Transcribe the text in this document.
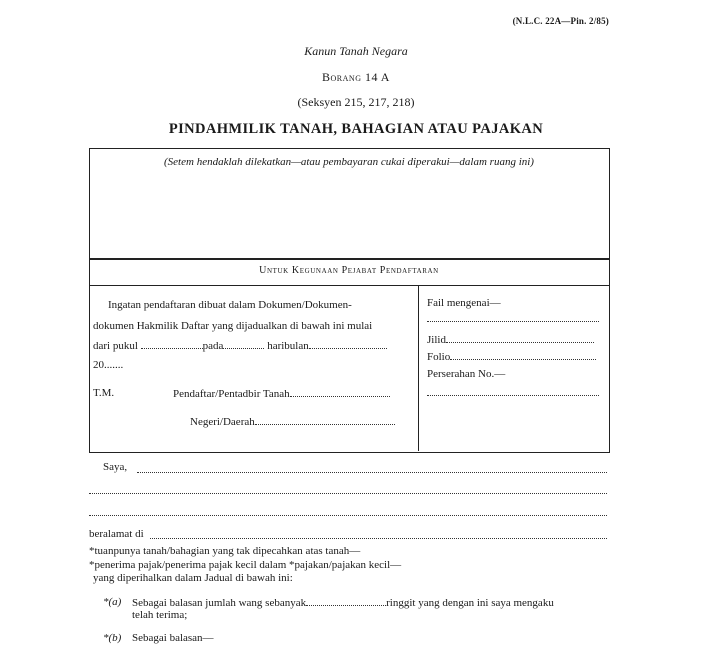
(N.L.C. 22A—Pin. 2/85)
Kanun Tanah Negara
Borang 14 A
(Seksyen 215, 217, 218)
PINDAHMILIK TANAH, BAHAGIAN ATAU PAJAKAN
(Setem hendaklah dilekatkan—atau pembayaran cukai diperakui—dalam ruang ini)
Untuk Kegunaan Pejabat Pendaftaran
Ingatan pendaftaran dibuat dalam Dokumen/Dokumen-
dokumen Hakmilik Daftar yang dijadualkan di bawah ini mulai
dari pukul	pada	haribulan
20.......
T.M.	Pendaftar/Pentadbir Tanah
Negeri/Daerah
Fail mengenai—
Jilid
Folio
Perserahan No.—
Saya,
beralamat di
*tuanpunya tanah/bahagian yang tak dipecahkan atas tanah—
*penerima pajak/penerima pajak kecil dalam *pajakan/pajakan kecil—
yang diperihalkan dalam Jadual di bawah ini:
*(a) Sebagai balasan jumlah wang sebanyak	ringgit yang dengan ini saya mengaku
telah terima;
*(b) Sebagai balasan—
